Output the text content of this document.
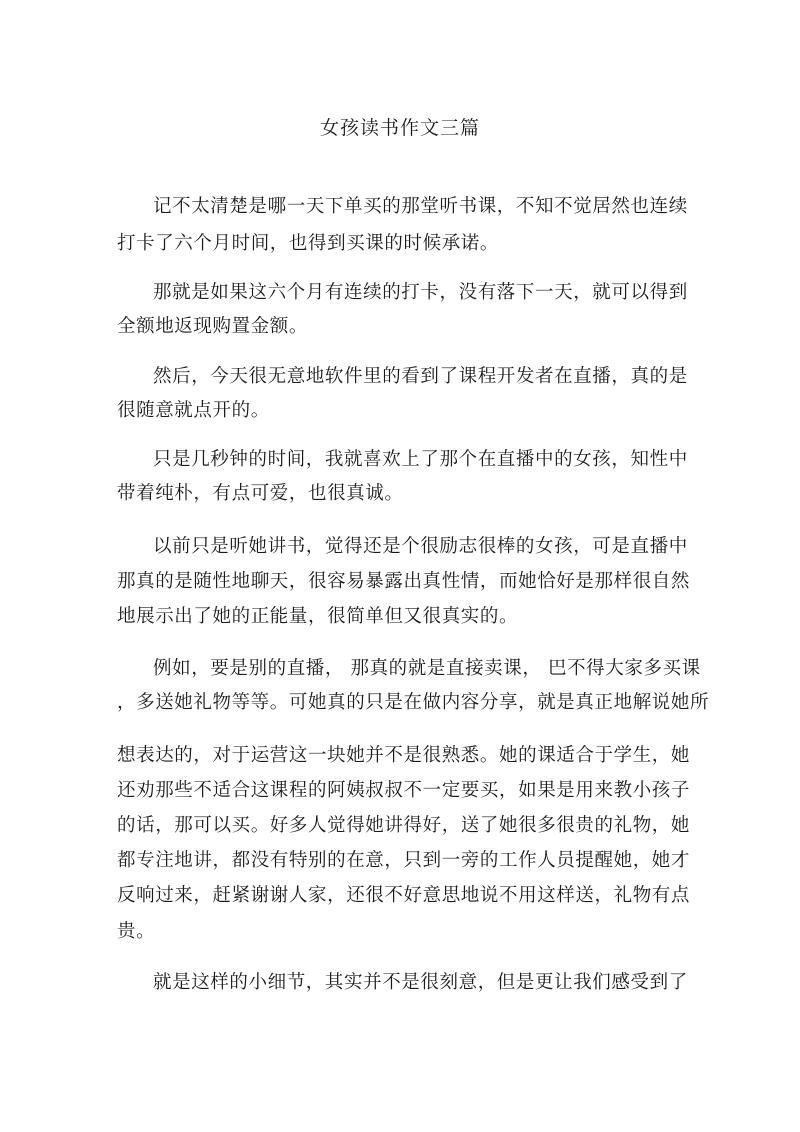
女孩读书作文三篇

记不太清楚是哪一天下单买的那堂听书课，不知不觉居然也连续

打卡了六个月时间，也得到买课的时候承诺。

那就是如果这六个月有连续的打卡，没有落下一天，就可以得到

全额地返现购置金额。

然后，今天很无意地软件里的看到了课程开发者在直播，真的是

很随意就点开的。

只是几秒钟的时间，我就喜欢上了那个在直播中的女孩，知性中

带着纯朴，有点可爱，也很真诚。

以前只是听她讲书，觉得还是个很励志很棒的女孩，可是直播中

那真的是随性地聊天，很容易暴露出真性情，而她恰好是那样很自然

地展示出了她的正能量，很简单但又很真实的。

例如，要是别的直播， 那真的就是直接卖课， 巴不得大家多买课

，多送她礼物等等。可她真的只是在做内容分享，就是真正地解说她所

想表达的，对于运营这一块她并不是很熟悉。她的课适合于学生，她

还劝那些不适合这课程的阿姨叔叔不一定要买，如果是用来教小孩子

的话，那可以买。好多人觉得她讲得好，送了她很多很贵的礼物，她

都专注地讲，都没有特别的在意，只到一旁的工作人员提醒她，她才

反响过来，赶紧谢谢人家，还很不好意思地说不用这样送，礼物有点

贵。

就是这样的小细节，其实并不是很刻意，但是更让我们感受到了
